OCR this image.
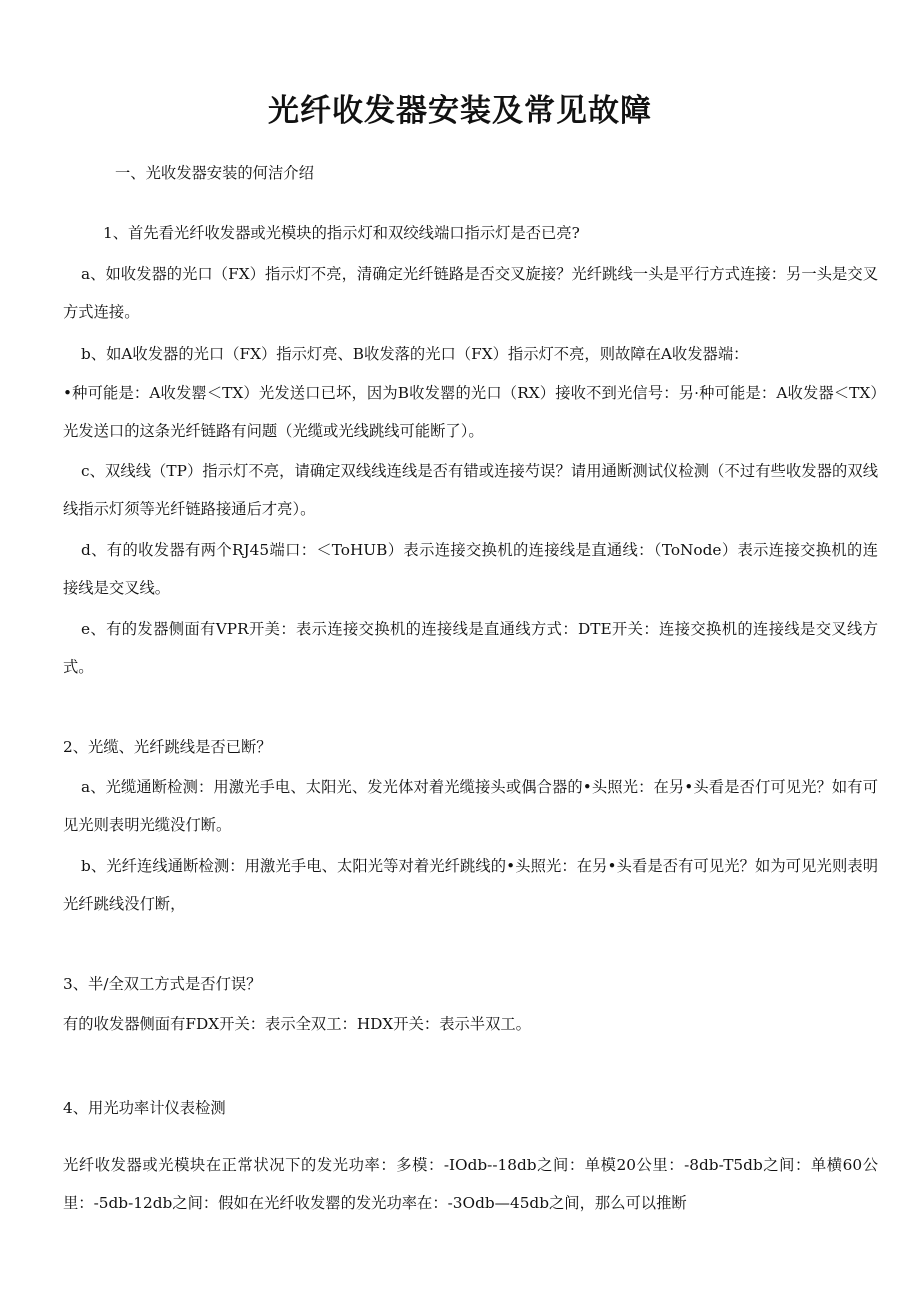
光纤收发器安装及常见故障

一、光收发器安装的何洁介绍

1、首先看光纤收发器或光模块的指示灯和双绞线端口指示灯是否已亮?

a、如收发器的光口（FX）指示灯不亮，清确定光纤链路是否交叉旋接？光纤跳线一头是平行方式连接：另一头是交叉方式连接。

b、如A收发器的光口（FX）指示灯亮、B收发落的光口（FX）指示灯不亮，则故障在A收发器端：

•种可能是：A收发罂＜TX）光发送口已坏，因为B收发罂的光口（RX）接收不到光信号：另·种可能是：A收发器＜TX）光发送口的这条光纤链路有问题（光缆或光线跳线可能断了）。

c、双线线（TP）指示灯不亮，请确定双线线连线是否有错或连接芍误？请用通断测试仪检测（不过有些收发器的双线线指示灯须等光纤链路接通后才亮）。

d、有的收发器有两个RJ45端口：＜ToHUB）表示连接交换机的连接线是直通线：（ToNode）表示连接交换机的连接线是交叉线。

e、有的发器侧面有VPR开美：表示连接交换机的连接线是直通线方式：DTE开关：连接交换机的连接线是交叉线方式。

2、光缆、光纤跳线是否已断？

a、光缆通断检测：用激光手电、太阳光、发光体对着光缆接头或偶合器的•头照光：在另•头看是否仃可见光？如有可见光则表明光缆没仃断。

b、光纤连线通断检测：用激光手电、太阳光等对着光纤跳线的•头照光：在另•头看是否有可见光？如为可见光则表明光纤跳线没仃断，

3、半/全双工方式是否仃误？

有的收发器侧面有FDX开关：表示全双工：HDX开关：表示半双工。

4、用光功率计仪表检测

光纤收发器或光模块在正常状况下的发光功率：多模：-IOdb--18db之间：单模20公里：-8db-T5db之间：单横60公里：-5db-12db之间：假如在光纤收发罂的发光功率在：-3Odb—45db之间，那么可以推断
